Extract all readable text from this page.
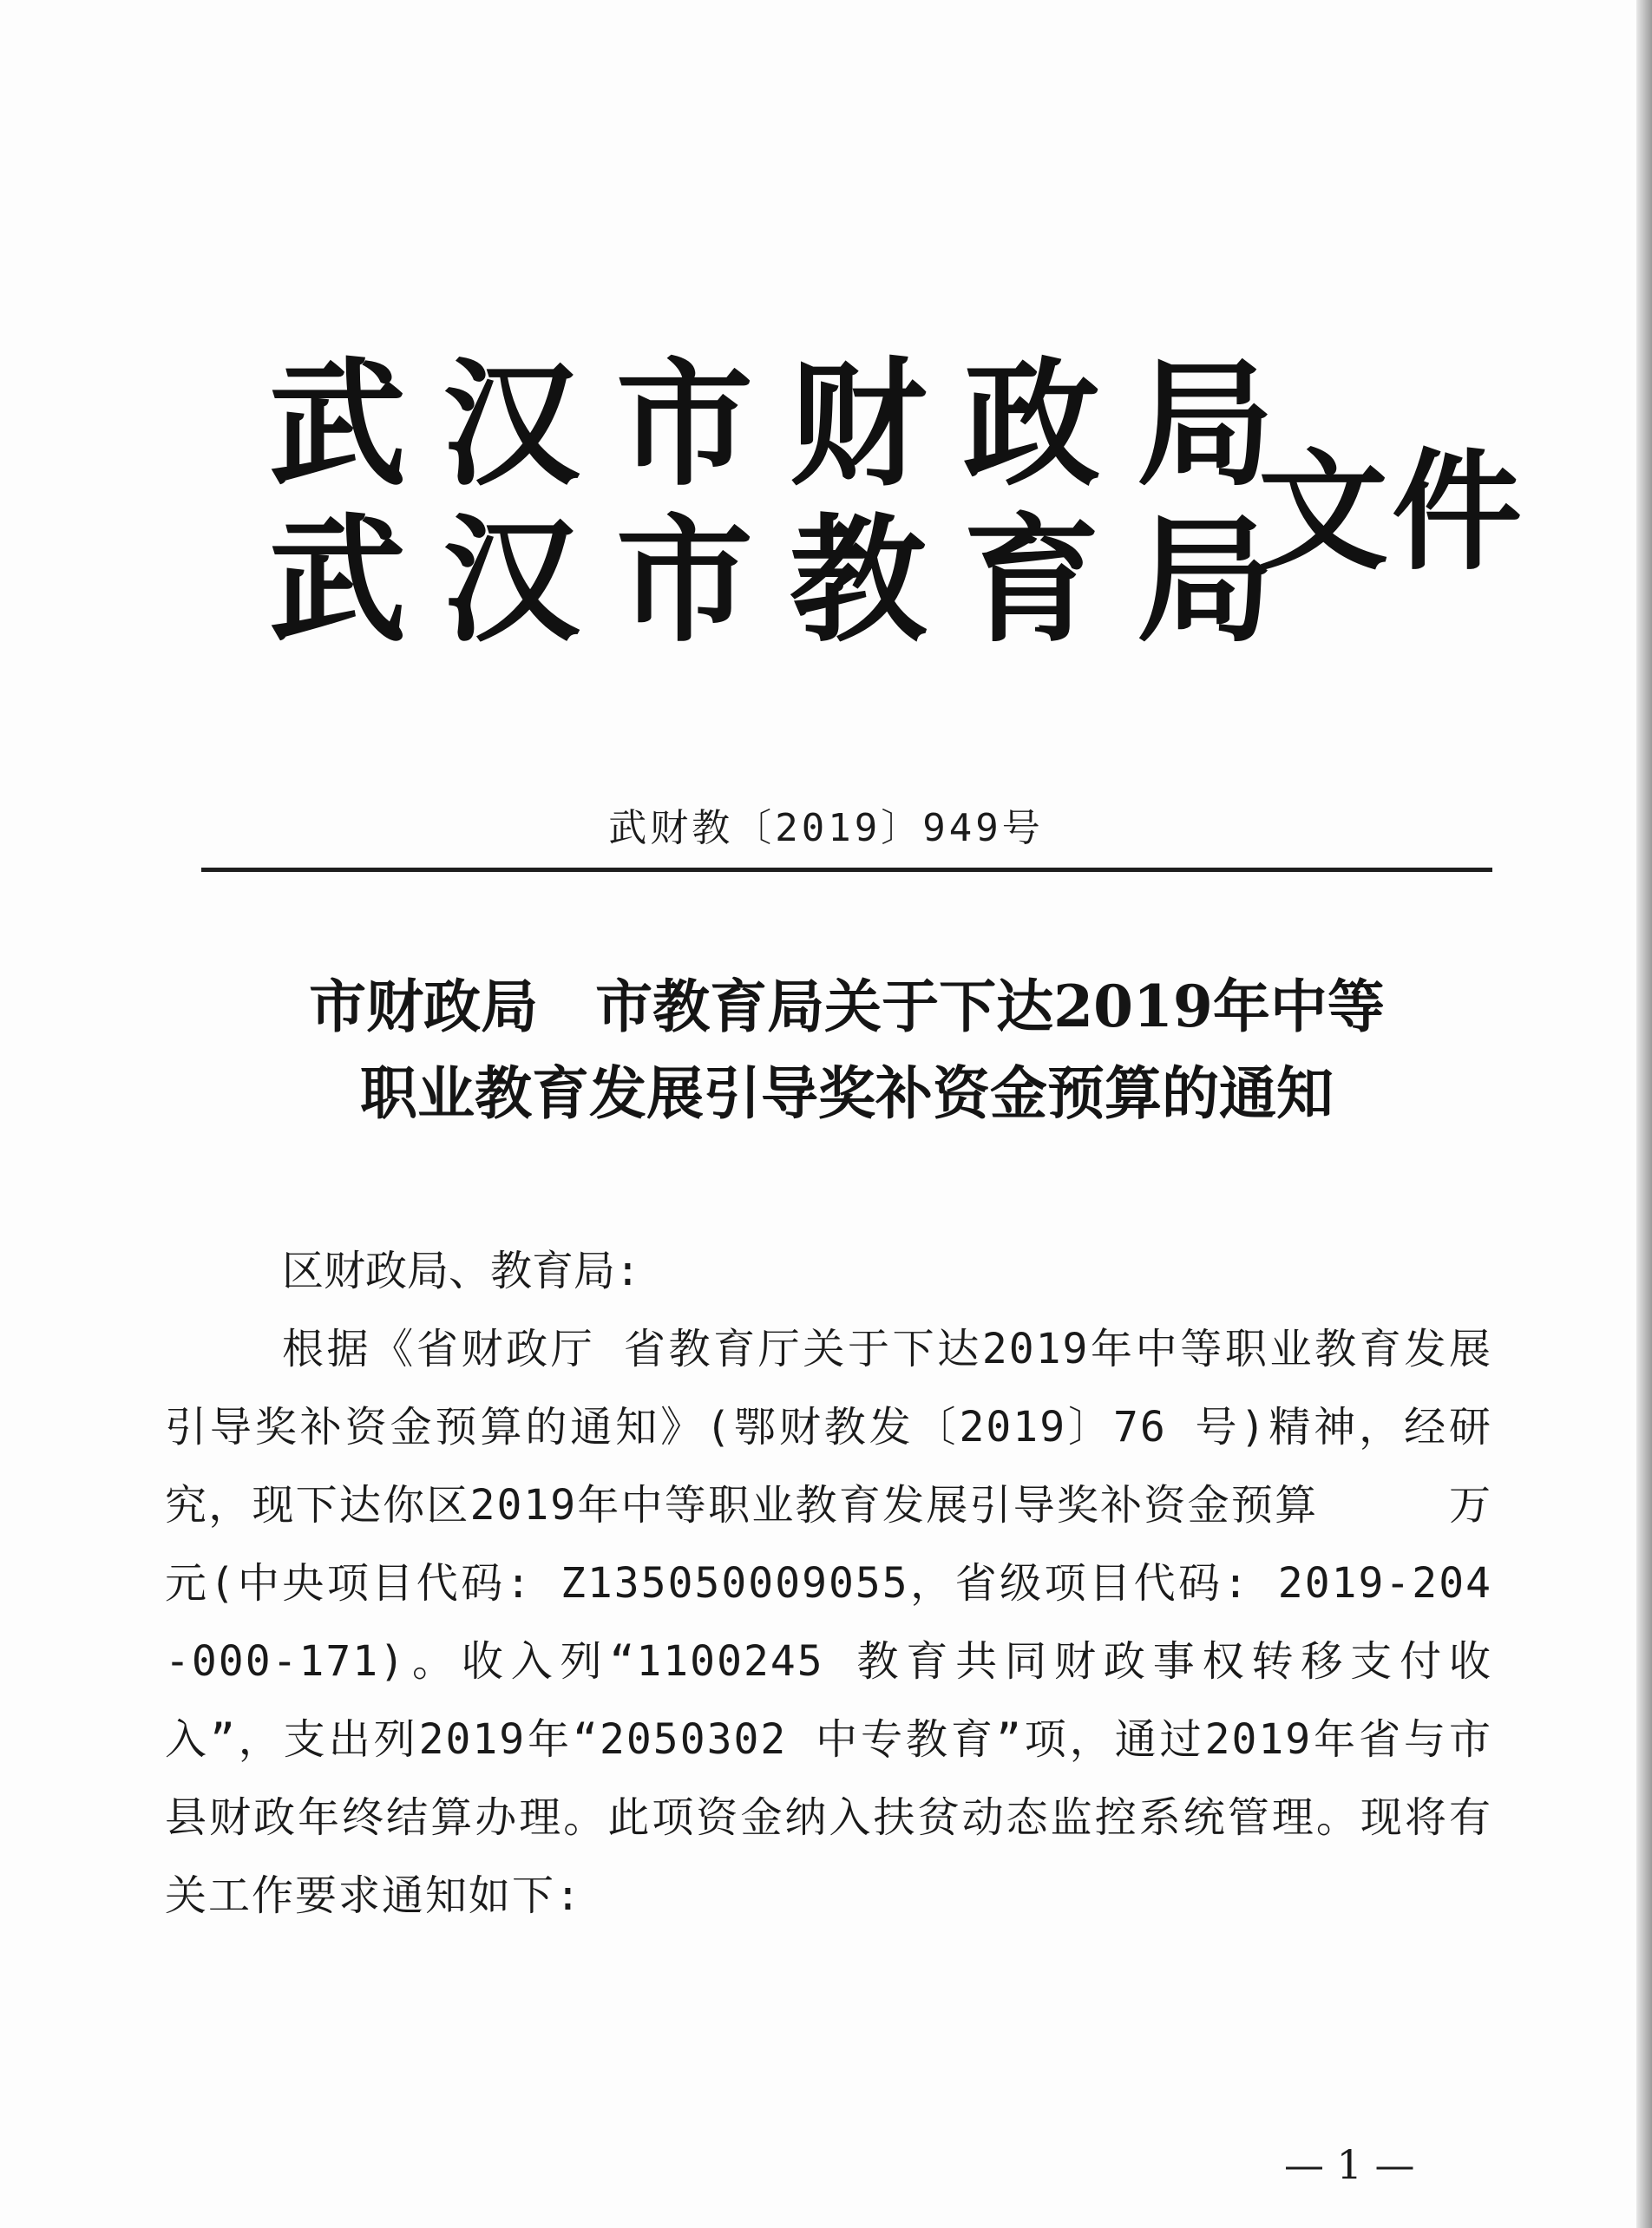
武汉市财政局
武汉市教育局
文件
武财教〔2019〕949号
市财政局　市教育局关于下达2019年中等
职业教育发展引导奖补资金预算的通知
区财政局、教育局:
根据《省财政厅 省教育厅关于下达2019年中等职业教育发展引导奖补资金预算的通知》(鄂财教发〔2019〕76 号)精神，经研究，现下达你区2019年中等职业教育发展引导奖补资金预算　　　万元(中央项目代码: Z135050009055，省级项目代码: 2019-204-000-171)。收入列“1100245 教育共同财政事权转移支付收入”，支出列2019年“2050302 中专教育”项，通过2019年省与市县财政年终结算办理。此项资金纳入扶贫动态监控系统管理。现将有关工作要求通知如下:
— 1 —
